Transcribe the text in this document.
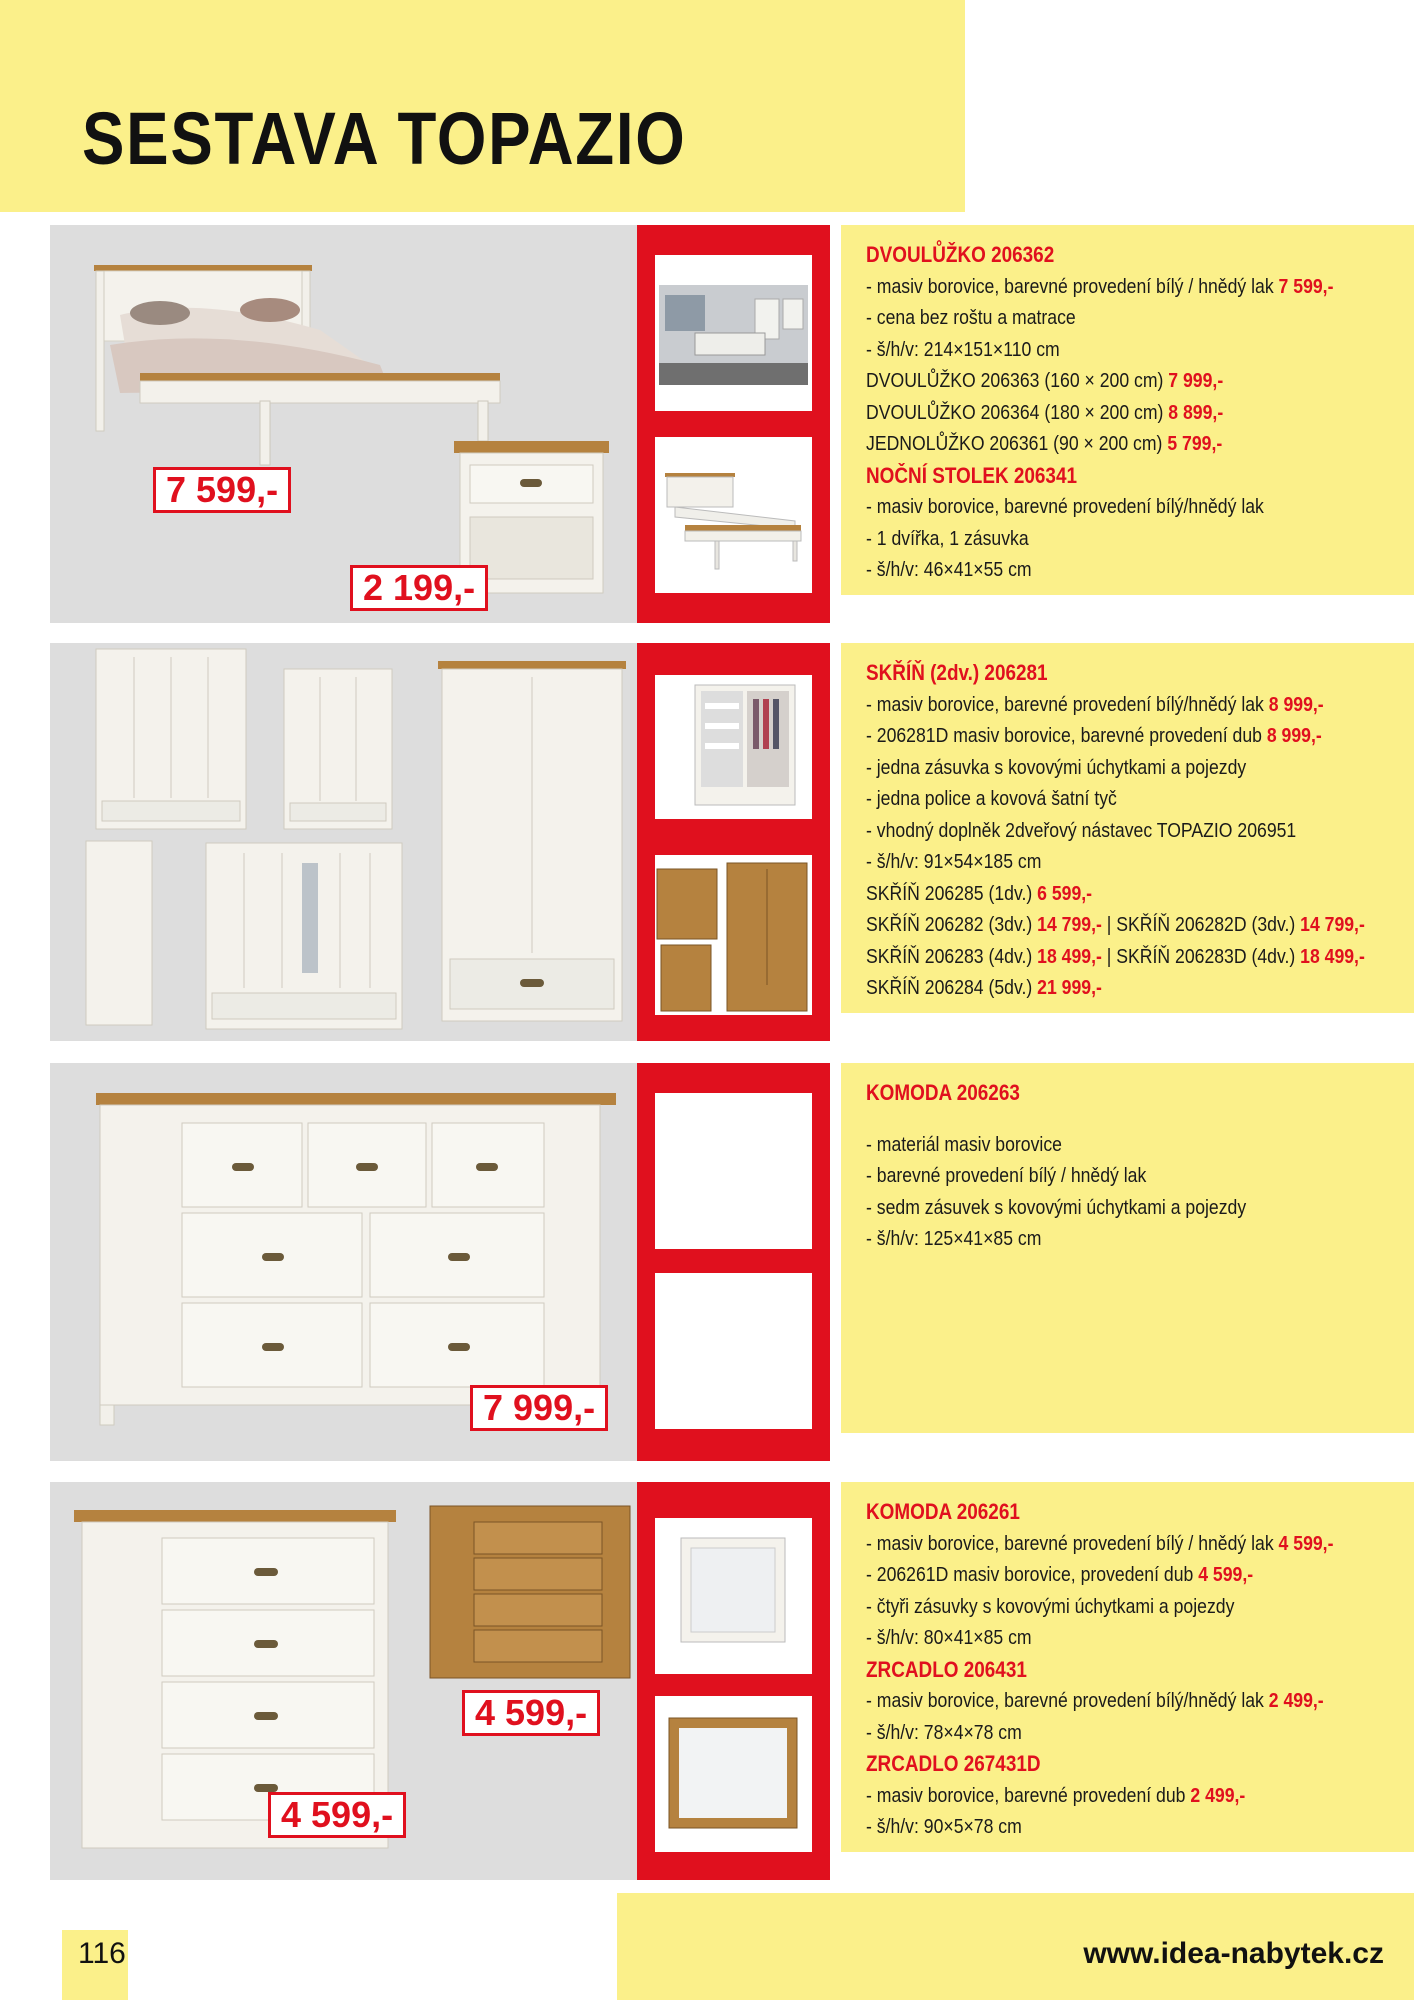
SESTAVA TOPAZIO
7 599,-
2 199,-
DVOULŮŽKO 206362
- masiv borovice, barevné provedení bílý / hnědý lak 7 599,-
- cena bez roštu a matrace
- š/h/v: 214×151×110 cm
DVOULŮŽKO 206363 (160 × 200 cm) 7 999,-
DVOULŮŽKO 206364 (180 × 200 cm) 8 899,-
JEDNOLŮŽKO 206361 (90 × 200 cm) 5 799,-
NOČNÍ STOLEK 206341
- masiv borovice, barevné provedení bílý/hnědý lak
- 1 dvířka, 1 zásuvka
- š/h/v: 46×41×55 cm
SKŘÍŇ (2dv.) 206281
- masiv borovice, barevné provedení bílý/hnědý lak 8 999,-
- 206281D masiv borovice, barevné provedení dub 8 999,-
- jedna zásuvka s kovovými úchytkami a pojezdy
- jedna police a kovová šatní tyč
- vhodný doplněk 2dveřový nástavec TOPAZIO 206951
- š/h/v: 91×54×185 cm
SKŘÍŇ 206285 (1dv.) 6 599,-
SKŘÍŇ 206282 (3dv.) 14 799,- | SKŘÍŇ 206282D (3dv.) 14 799,-
SKŘÍŇ 206283 (4dv.) 18 499,- | SKŘÍŇ 206283D (4dv.) 18 499,-
SKŘÍŇ 206284 (5dv.) 21 999,-
7 999,-
KOMODA 206263
- materiál masiv borovice
- barevné provedení bílý / hnědý lak
- sedm zásuvek s kovovými úchytkami a pojezdy
- š/h/v: 125×41×85 cm
4 599,-
4 599,-
KOMODA 206261
- masiv borovice, barevné provedení bílý / hnědý lak 4 599,-
- 206261D masiv borovice, provedení dub 4 599,-
- čtyři zásuvky s kovovými úchytkami a pojezdy
- š/h/v: 80×41×85 cm
ZRCADLO 206431
- masiv borovice, barevné provedení bílý/hnědý lak 2 499,-
- š/h/v: 78×4×78 cm
ZRCADLO 267431D
- masiv borovice, barevné provedení dub 2 499,-
- š/h/v: 90×5×78 cm
116	www.idea-nabytek.cz
